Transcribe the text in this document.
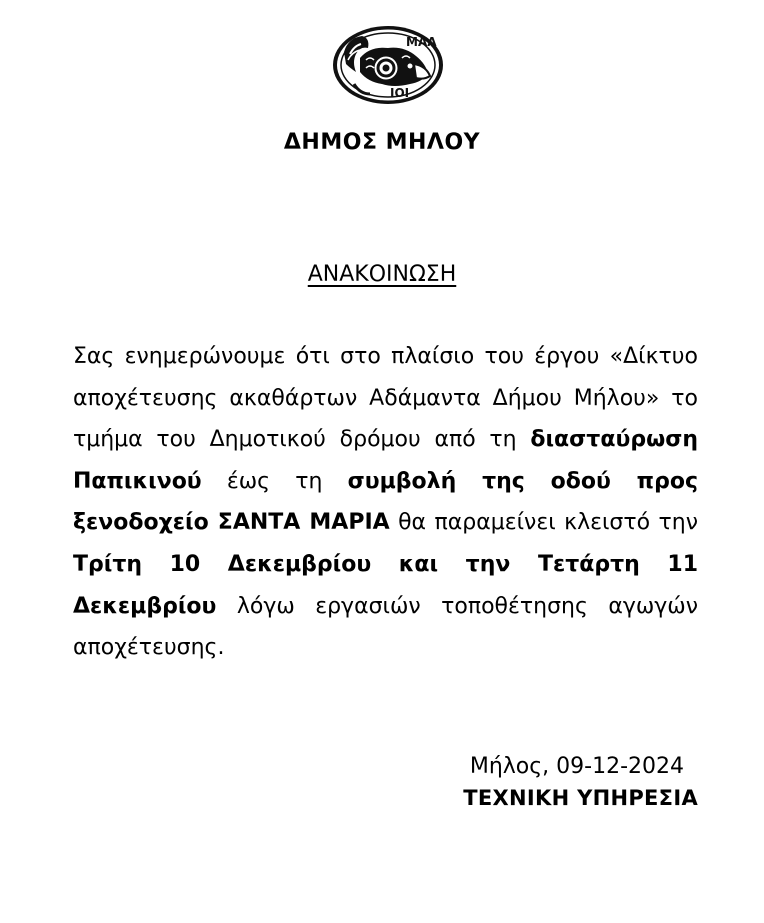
ΜΑΛ
ΙΟΙ
ΔΗΜΟΣ ΜΗΛΟΥ
ΑΝΑΚΟΙΝΩΣΗ
Σας ενημερώνουμε ότι στο πλαίσιο του έργου «Δίκτυο αποχέτευσης ακαθάρτων Αδάμαντα Δήμου Μήλου» το τμήμα του Δημοτικού δρόμου από τη διασταύρωση Παπικινού έως τη συμβολή της οδού προς ξενοδοχείο ΣΑΝΤΑ ΜΑΡΙΑ θα παραμείνει κλειστό την Τρίτη 10 Δεκεμβρίου και την Τετάρτη 11 Δεκεμβρίου λόγω εργασιών τοποθέτησης αγωγών αποχέτευσης.
Μήλος, 09-12-2024
ΤΕΧΝΙΚΗ ΥΠΗΡΕΣΙΑ
